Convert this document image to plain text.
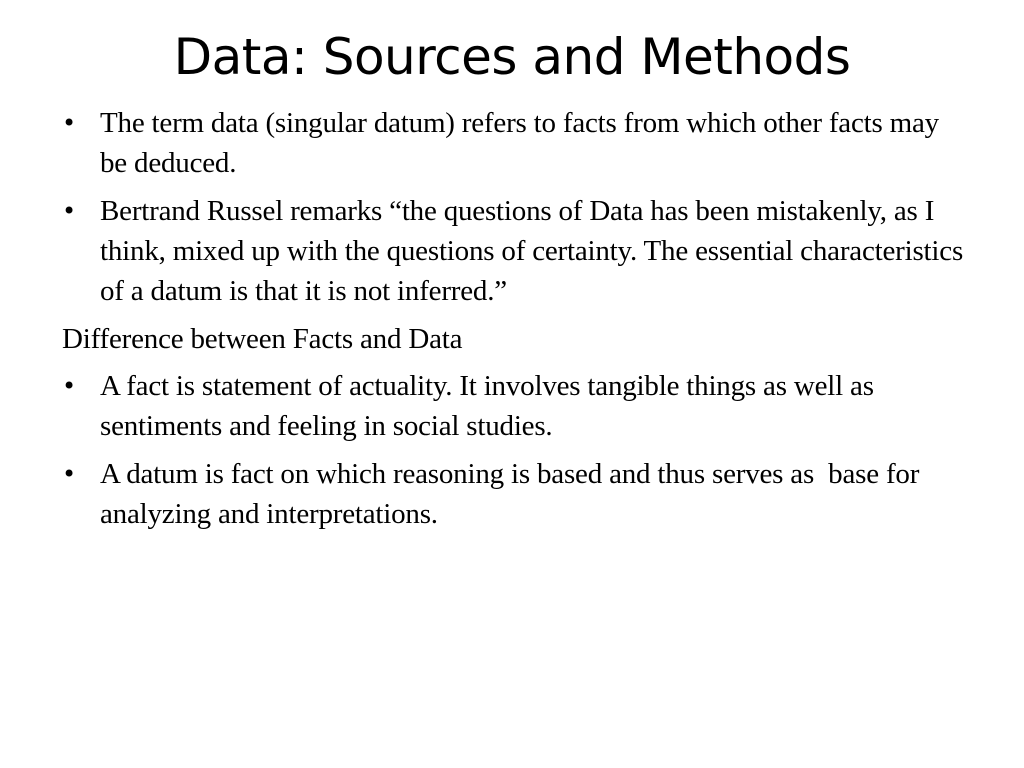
Data: Sources and Methods
• The term data (singular datum) refers to facts from which other facts may be deduced.
• Bertrand Russel remarks “the questions of Data has been mistakenly, as I think, mixed up with the questions of certainty. The essential characteristics of a datum is that it is not inferred.”
Difference between Facts and Data
• A fact is statement of actuality. It involves tangible things as well as sentiments and feeling in social studies.
• A datum is fact on which reasoning is based and thus serves as  base for analyzing and interpretations.
